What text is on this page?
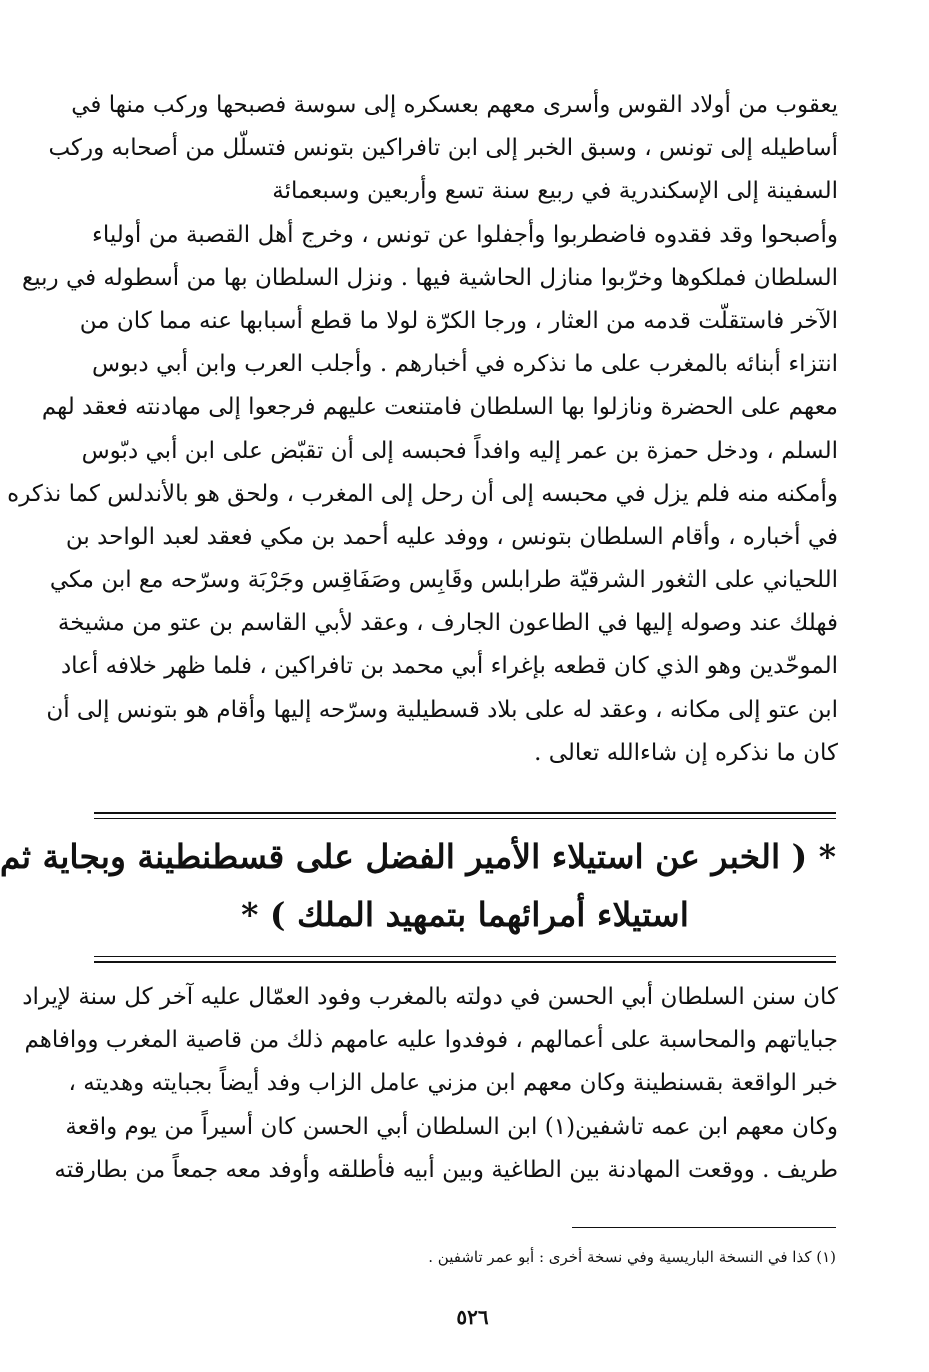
يعقوب من أولاد القوس وأسرى معهم بعسكره إلى سوسة فصبحها وركب منها في
أساطيله إلى تونس ، وسبق الخبر إلى ابن تافراكين بتونس فتسلّل من أصحابه وركب
السفينة إلى الإسكندرية في ربيع سنة تسع وأربعين وسبعمائة
وأصبحوا وقد فقدوه فاضطربوا وأجفلوا عن تونس ، وخرج أهل القصبة من أولياء
السلطان فملكوها وخرّبوا منازل الحاشية فيها . ونزل السلطان بها من أسطوله في ربيع
الآخر فاستقلّت قدمه من العثار ، ورجا الكرّة لولا ما قطع أسبابها عنه مما كان من
انتزاء أبنائه بالمغرب على ما نذكره في أخبارهم . وأجلب العرب وابن أبي دبوس
معهم على الحضرة ونازلوا بها السلطان فامتنعت عليهم فرجعوا إلى مهادنته فعقد لهم
السلم ، ودخل حمزة بن عمر إليه وافداً فحبسه إلى أن تقبّض على ابن أبي دبّوس
وأمكنه منه فلم يزل في محبسه إلى أن رحل إلى المغرب ، ولحق هو بالأندلس كما نذكره
في أخباره ، وأقام السلطان بتونس ، ووفد عليه أحمد بن مكي فعقد لعبد الواحد بن
اللحياني على الثغور الشرقيّة طرابلس وقَابِس وصَفَاقِس وجَرْبَة وسرّحه مع ابن مكي
فهلك عند وصوله إليها في الطاعون الجارف ، وعقد لأبي القاسم بن عتو من مشيخة
الموحّدين وهو الذي كان قطعه بإغراء أبي محمد بن تافراكين ، فلما ظهر خلافه أعاد
ابن عتو إلى مكانه ، وعقد له على بلاد قسطيلية وسرّحه إليها وأقام هو بتونس إلى أن
كان ما نذكره إن شاءالله تعالى .
* ( الخبر عن استيلاء الأمير الفضل على قسطنطينة وبجاية ثم
استيلاء أمرائهما بتمهيد الملك ) *
كان سنن السلطان أبي الحسن في دولته بالمغرب وفود العمّال عليه آخر كل سنة لإيراد
جباياتهم والمحاسبة على أعمالهم ، فوفدوا عليه عامهم ذلك من قاصية المغرب ووافاهم
خبر الواقعة بقسنطينة وكان معهم ابن مزني عامل الزاب وفد أيضاً بجبايته وهديته ،
وكان معهم ابن عمه تاشفين(١) ابن السلطان أبي الحسن كان أسيراً من يوم واقعة
طريف . ووقعت المهادنة بين الطاغية وبين أبيه فأطلقه وأوفد معه جمعاً من بطارقته
(١) كذا في النسخة الباريسية وفي نسخة أخرى : أبو عمر تاشفين .
٥٢٦
